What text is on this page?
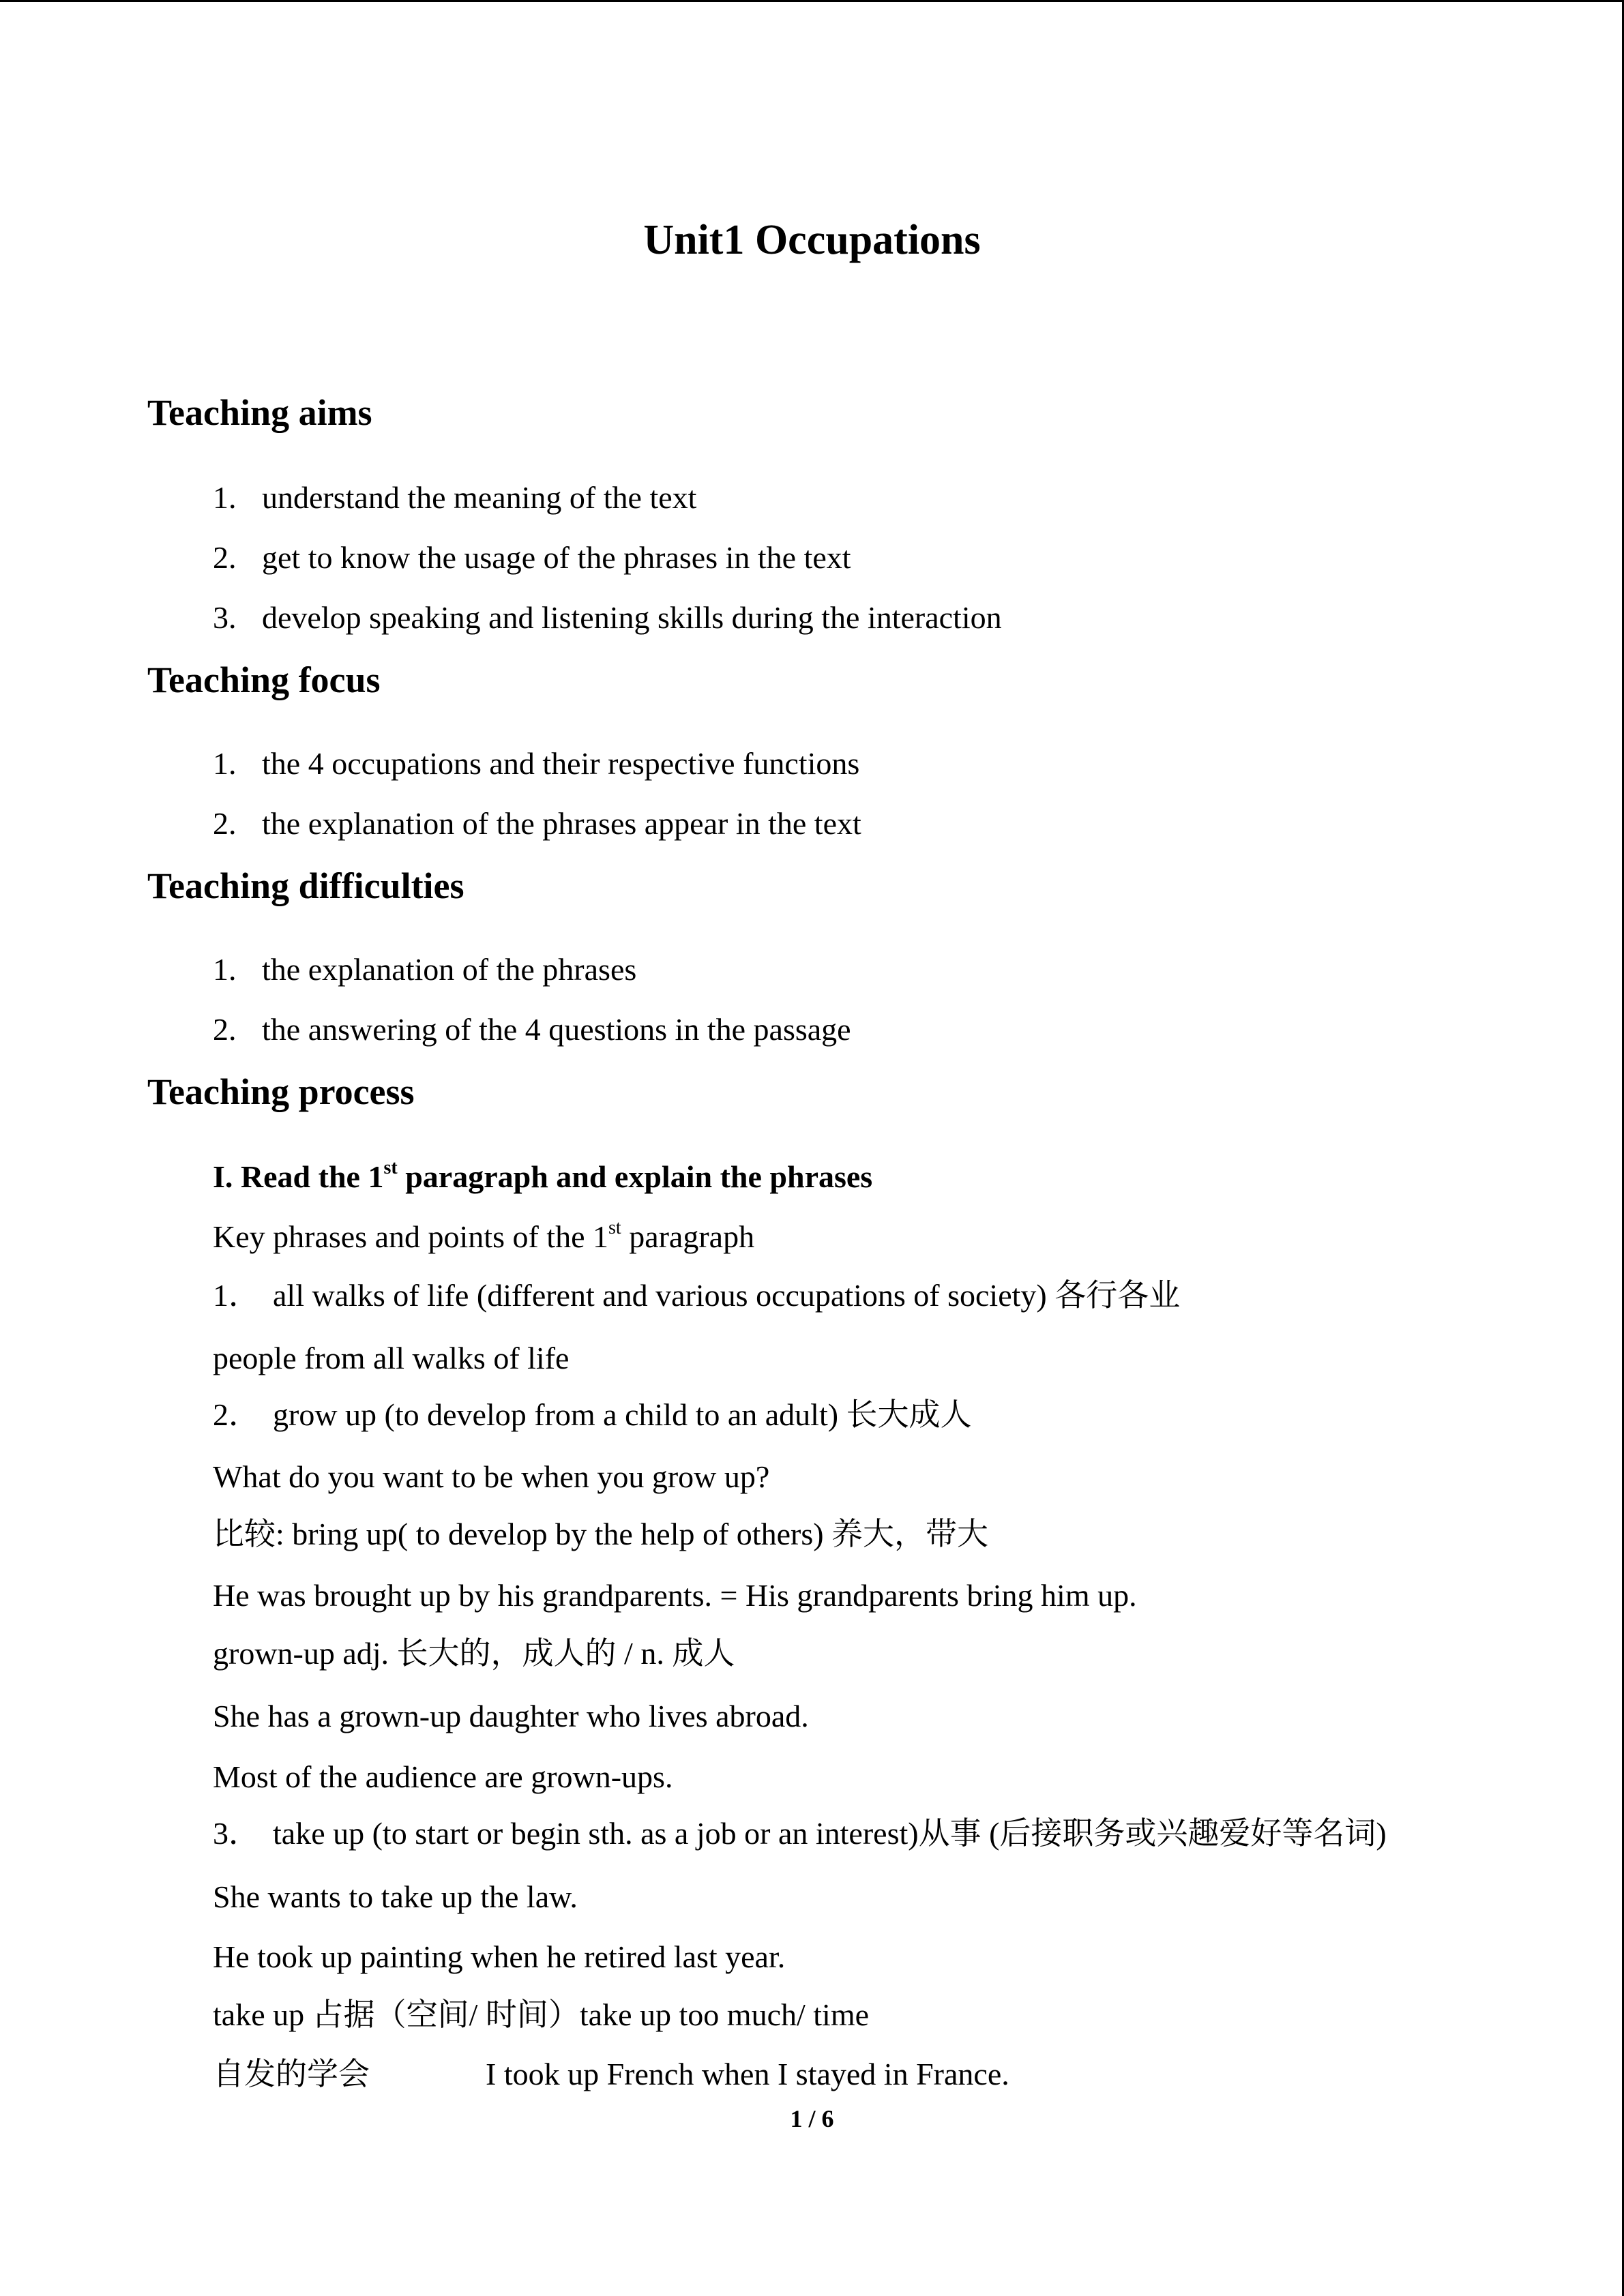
Unit1 Occupations
Teaching aims
1. understand the meaning of the text
2. get to know the usage of the phrases in the text
3. develop speaking and listening skills during the interaction
Teaching focus
1. the 4 occupations and their respective functions
2. the explanation of the phrases appear in the text
Teaching difficulties
1. the explanation of the phrases
2. the answering of the 4 questions in the passage
Teaching process
I. Read the 1st paragraph and explain the phrases
Key phrases and points of the 1st paragraph
1． all walks of life (different and various occupations of society) 各行各业
people from all walks of life
2． grow up (to develop from a child to an adult) 长大成人
What do you want to be when you grow up?
比较: bring up( to develop by the help of others) 养大，带大
He was brought up by his grandparents. = His grandparents bring him up.
grown-up adj. 长大的，成人的 / n. 成人
She has a grown-up daughter who lives abroad.
Most of the audience are grown-ups.
3． take up (to start or begin sth. as a job or an interest)从事 (后接职务或兴趣爱好等名词)
She wants to take up the law.
He took up painting when he retired last year.
take up 占据（空间/ 时间）take up too much/ time
自发的学会	I took up French when I stayed in France.
1 / 6
